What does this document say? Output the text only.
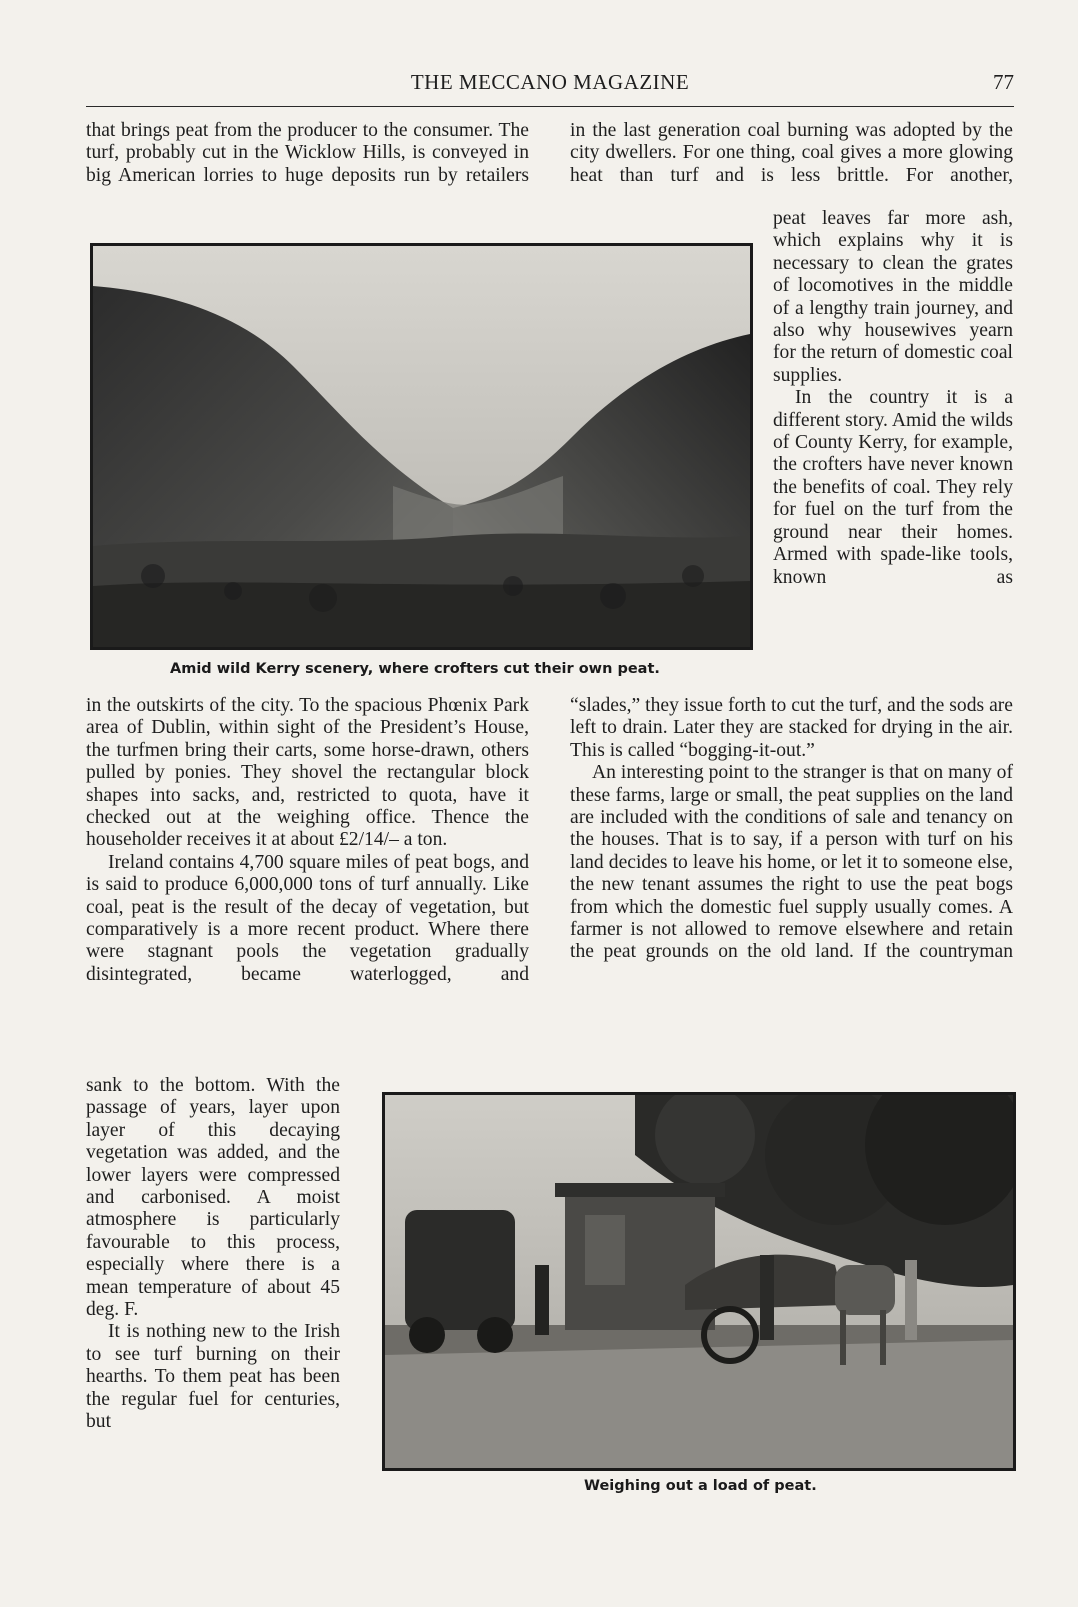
THE MECCANO MAGAZINE	77

that brings peat from the producer to the consumer. The turf, probably cut in the Wicklow Hills, is conveyed in big American lorries to huge deposits run by retailers

Amid wild Kerry scenery, where crofters cut their own peat.

in the outskirts of the city. To the spacious Phœnix Park area of Dublin, within sight of the President’s House, the turfmen bring their carts, some horse-drawn, others pulled by ponies. They shovel the rectangular block shapes into sacks, and, restricted to quota, have it checked out at the weighing office. Thence the householder receives it at about £2/14/– a ton.

Ireland contains 4,700 square miles of peat bogs, and is said to produce 6,000,000 tons of turf annually. Like coal, peat is the result of the decay of vegetation, but comparatively is a more recent product. Where there were stagnant pools the vegetation gradually disintegrated, became waterlogged, and

sank to the bottom. With the passage of years, layer upon layer of this decaying vegetation was added, and the lower layers were compressed and carbonised. A moist atmosphere is particularly favourable to this process, especially where there is a mean temperature of about 45 deg. F.

It is nothing new to the Irish to see turf burning on their hearths. To them peat has been the regular fuel for centuries, but

in the last generation coal burning was adopted by the city dwellers. For one thing, coal gives a more glowing heat than turf and is less brittle. For another,

peat leaves far more ash, which explains why it is necessary to clean the grates of locomotives in the middle of a lengthy train journey, and also why housewives yearn for the return of domestic coal supplies.

In the country it is a different story. Amid the wilds of County Kerry, for example, the crofters have never known the benefits of coal. They rely for fuel on the turf from the ground near their homes. Armed with spade-like tools, known as

“slades,” they issue forth to cut the turf, and the sods are left to drain. Later they are stacked for drying in the air. This is called “bogging-it-out.”

An interesting point to the stranger is that on many of these farms, large or small, the peat supplies on the land are included with the conditions of sale and tenancy on the houses. That is to say, if a person with turf on his land decides to leave his home, or let it to someone else, the new tenant assumes the right to use the peat bogs from which the domestic fuel supply usually comes. A farmer is not allowed to remove elsewhere and retain the peat grounds on the old land. If the countryman

Weighing out a load of peat.
